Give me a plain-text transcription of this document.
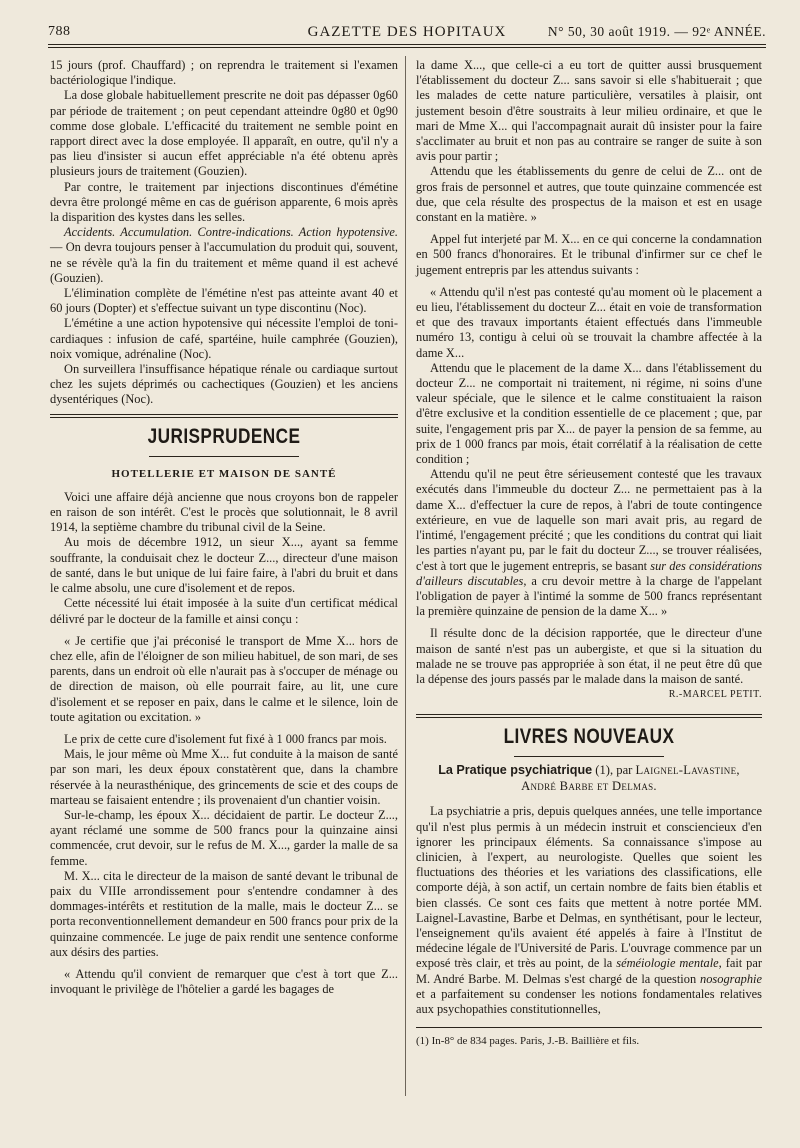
788	GAZETTE DES HOPITAUX	N° 50, 30 août 1919. — 92ᵉ ANNÉE.

15 jours (prof. Chauffard) ; on reprendra le traitement si l'examen bactériologique l'indique.

La dose globale habituellement prescrite ne doit pas dépasser 0g60 par période de traitement ; on peut cependant atteindre 0g80 et 0g90 comme dose globale. L'efficacité du traitement ne semble point en rapport direct avec la dose employée. Il apparaît, en outre, qu'il n'y a pas lieu d'insister si aucun effet appréciable n'a été obtenu après plusieurs jours de traitement (Gouzien).

Par contre, le traitement par injections discontinues d'émétine devra être prolongé même en cas de guérison apparente, 6 mois après la disparition des kystes dans les selles.

Accidents. Accumulation. Contre-indications. Action hypotensive. — On devra toujours penser à l'accumulation du produit qui, souvent, ne se révèle qu'à la fin du traitement et même quand il est achevé (Gouzien).

L'élimination complète de l'émétine n'est pas atteinte avant 40 et 60 jours (Dopter) et s'effectue suivant un type discontinu (Noc).

L'émétine a une action hypotensive qui nécessite l'emploi de toni-cardiaques : infusion de café, spartéine, huile camphrée (Gouzien), noix vomique, adrénaline (Noc).

On surveillera l'insuffisance hépatique rénale ou cardiaque surtout chez les sujets déprimés ou cachectiques (Gouzien) et les anciens dysentériques (Noc).

JURISPRUDENCE
HOTELLERIE ET MAISON DE SANTÉ

Voici une affaire déjà ancienne que nous croyons bon de rappeler en raison de son intérêt. C'est le procès que solutionnait, le 8 avril 1914, la septième chambre du tribunal civil de la Seine.

Au mois de décembre 1912, un sieur X..., ayant sa femme souffrante, la conduisait chez le docteur Z..., directeur d'une maison de santé, dans le but unique de lui faire faire, à l'abri du bruit et dans le calme absolu, une cure d'isolement et de repos.

Cette nécessité lui était imposée à la suite d'un certificat médical délivré par le docteur de la famille et ainsi conçu :

« Je certifie que j'ai préconisé le transport de Mme X... hors de chez elle, afin de l'éloigner de son milieu habituel, de son mari, de ses parents, dans un endroit où elle n'aurait pas à s'occuper de ménage ou de direction de maison, où elle pourrait faire, au lit, une cure d'isolement et se reposer en paix, dans le calme et le silence, loin de toute agitation ou excitation. »

Le prix de cette cure d'isolement fut fixé à 1 000 francs par mois.

Mais, le jour même où Mme X... fut conduite à la maison de santé par son mari, les deux époux constatèrent que, dans la chambre réservée à la neurasthénique, des grincements de scie et des coups de marteau se faisaient entendre ; ils provenaient d'un chantier voisin.

Sur-le-champ, les époux X... décidaient de partir. Le docteur Z..., ayant réclamé une somme de 500 francs pour la quinzaine ainsi commencée, crut devoir, sur le refus de M. X..., garder la malle de sa femme.

M. X... cita le directeur de la maison de santé devant le tribunal de paix du VIIIe arrondissement pour s'entendre condamner à des dommages-intérêts et restitution de la malle, mais le docteur Z... se porta reconventionnellement demandeur en 500 francs pour prix de la quinzaine commencée. Le juge de paix rendit une sentence conforme aux désirs des parties.

« Attendu qu'il convient de remarquer que c'est à tort que Z... invoquant le privilège de l'hôtelier a gardé les bagages de

la dame X..., que celle-ci a eu tort de quitter aussi brusquement l'établissement du docteur Z... sans savoir si elle s'habituerait ; que les malades de cette nature particulière, versatiles à plaisir, ont justement besoin d'être soustraits à leur milieu ordinaire, et que le mari de Mme X... qui l'accompagnait aurait dû insister pour la faire s'acclimater au bruit et non pas au contraire se ranger de suite à son avis pour partir ;

Attendu que les établissements du genre de celui de Z... ont de gros frais de personnel et autres, que toute quinzaine commencée est due, que cela résulte des prospectus de la maison et est en usage constant en la matière. »

Appel fut interjeté par M. X... en ce qui concerne la condamnation en 500 francs d'honoraires. Et le tribunal d'infirmer sur ce chef le jugement entrepris par les attendus suivants :

« Attendu qu'il n'est pas contesté qu'au moment où le placement a eu lieu, l'établissement du docteur Z... était en voie de transformation et que des travaux importants étaient effectués dans l'immeuble numéro 13, contigu à celui où se trouvait la chambre affectée à la dame X...

Attendu que le placement de la dame X... dans l'établissement du docteur Z... ne comportait ni traitement, ni régime, ni soins d'une valeur spéciale, que le silence et le calme constituaient la raison d'être exclusive et la condition essentielle de ce placement ; que, par suite, l'engagement pris par X... de payer la pension de sa femme, au prix de 1 000 francs par mois, était corrélatif à la réalisation de cette condition ;

Attendu qu'il ne peut être sérieusement contesté que les travaux exécutés dans l'immeuble du docteur Z... ne permettaient pas à la dame X... d'effectuer la cure de repos, à l'abri de toute contingence extérieure, en vue de laquelle son mari avait pris, au regard de l'intimé, l'engagement précité ; que les conditions du contrat qui liait les parties n'ayant pu, par le fait du docteur Z..., se trouver réalisées, c'est à tort que le jugement entrepris, se basant sur des considérations d'ailleurs discutables, a cru devoir mettre à la charge de l'appelant l'obligation de payer à l'intimé la somme de 500 francs représentant la première quinzaine de pension de la dame X... »

Il résulte donc de la décision rapportée, que le directeur d'une maison de santé n'est pas un aubergiste, et que si la situation du malade ne se trouve pas appropriée à son état, il ne peut être dû que la dépense des jours passés par le malade dans la maison de santé.

R.-MARCEL PETIT.
LIVRES NOUVEAUX
La Pratique psychiatrique (1), par Laignel-Lavastine,
André Barbe et Delmas.

La psychiatrie a pris, depuis quelques années, une telle importance qu'il n'est plus permis à un médecin instruit et consciencieux d'en ignorer les principaux éléments. Sa connaissance s'impose au clinicien, à l'expert, au neurologiste. Quelles que soient les fluctuations des théories et les variations des classifications, elle comporte déjà, à son actif, un certain nombre de faits bien établis et bien classés. Ce sont ces faits que mettent à notre portée MM. Laignel-Lavastine, Barbe et Delmas, en synthétisant, pour le lecteur, l'enseignement qu'ils avaient été appelés à faire à l'Institut de médecine légale de l'Université de Paris. L'ouvrage commence par un exposé très clair, et très au point, de la séméiologie mentale, fait par M. André Barbe. M. Delmas s'est chargé de la question nosographie et a parfaitement su condenser les notions fondamentales relatives aux psychopathies constitutionnelles,

(1) In-8° de 834 pages. Paris, J.-B. Baillière et fils.
